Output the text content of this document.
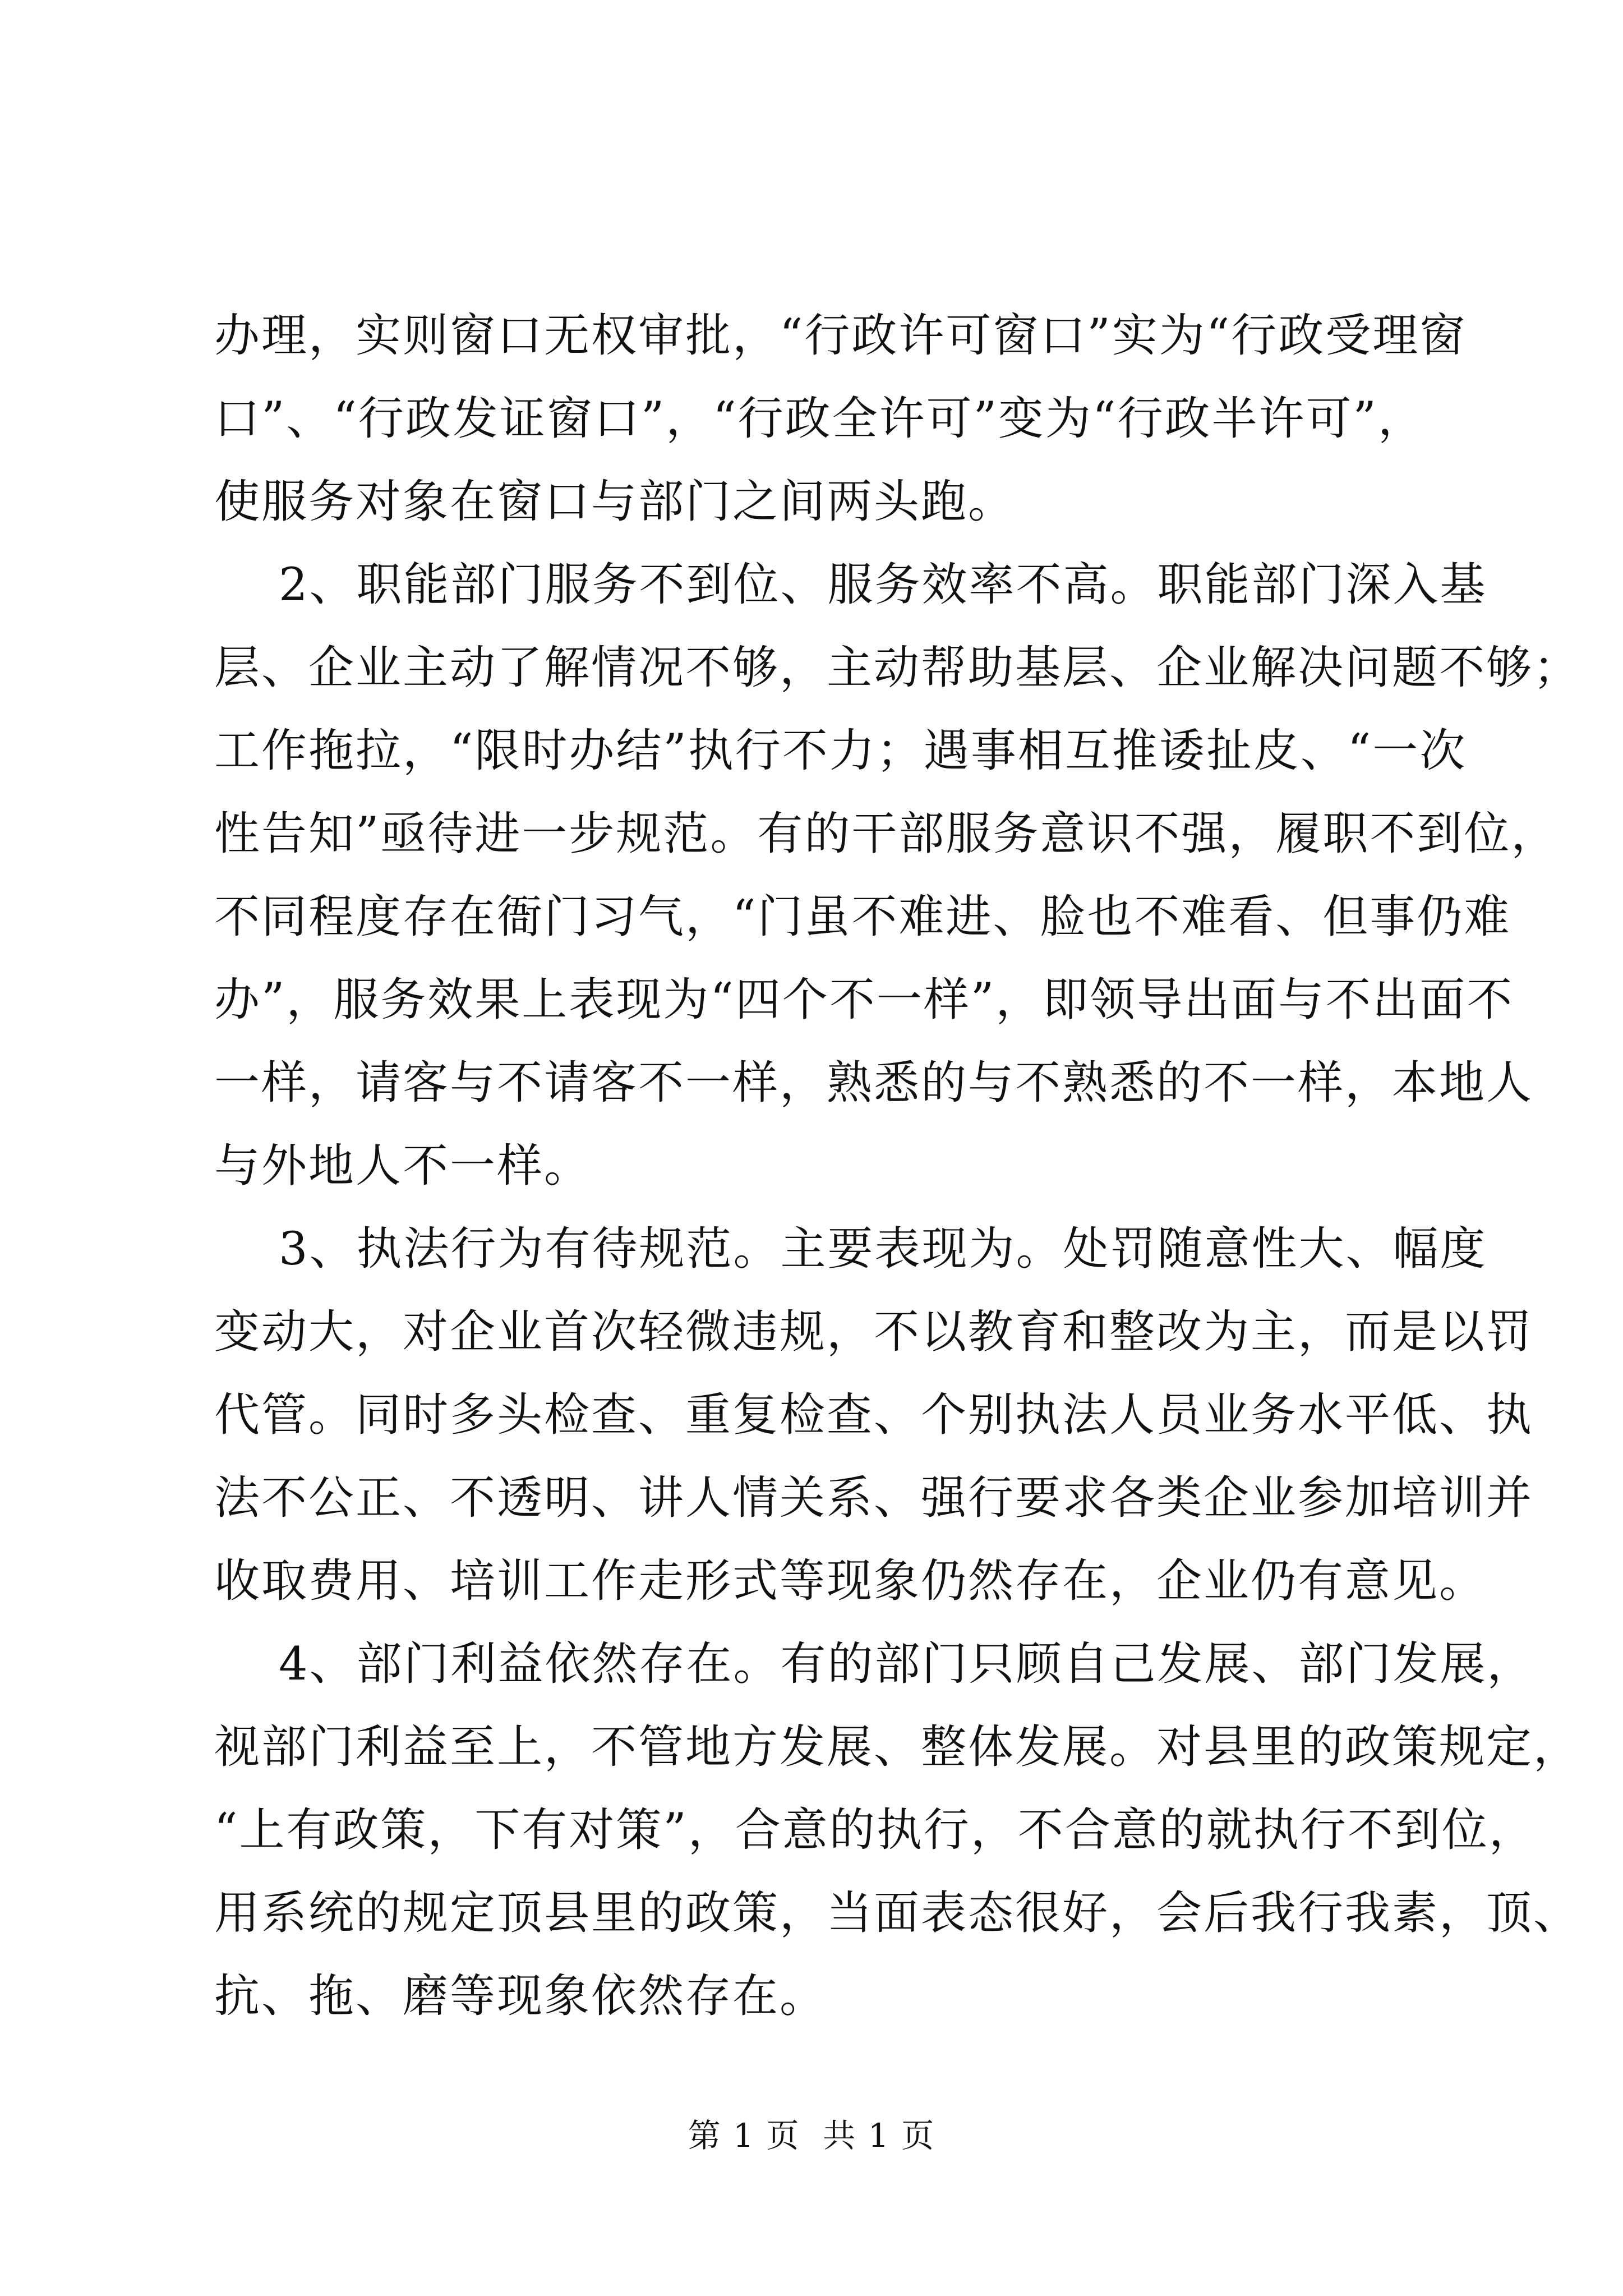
办理，实则窗口无权审批，“行政许可窗口”实为“行政受理窗
口”、“行政发证窗口”，“行政全许可”变为“行政半许可”，
使服务对象在窗口与部门之间两头跑。
2、职能部门服务不到位、服务效率不高。职能部门深入基
层、企业主动了解情况不够，主动帮助基层、企业解决问题不够；
工作拖拉，“限时办结”执行不力；遇事相互推诿扯皮、“一次
性告知”亟待进一步规范。有的干部服务意识不强，履职不到位，
不同程度存在衙门习气，“门虽不难进、脸也不难看、但事仍难
办”，服务效果上表现为“四个不一样”，即领导出面与不出面不
一样，请客与不请客不一样，熟悉的与不熟悉的不一样，本地人
与外地人不一样。
3、执法行为有待规范。主要表现为。处罚随意性大、幅度
变动大，对企业首次轻微违规，不以教育和整改为主，而是以罚
代管。同时多头检查、重复检查、个别执法人员业务水平低、执
法不公正、不透明、讲人情关系、强行要求各类企业参加培训并
收取费用、培训工作走形式等现象仍然存在，企业仍有意见。
4、部门利益依然存在。有的部门只顾自己发展、部门发展，
视部门利益至上，不管地方发展、整体发展。对县里的政策规定，
“上有政策，下有对策”，合意的执行，不合意的就执行不到位，
用系统的规定顶县里的政策，当面表态很好，会后我行我素，顶、
抗、拖、磨等现象依然存在。
第 1 页  共 1 页
